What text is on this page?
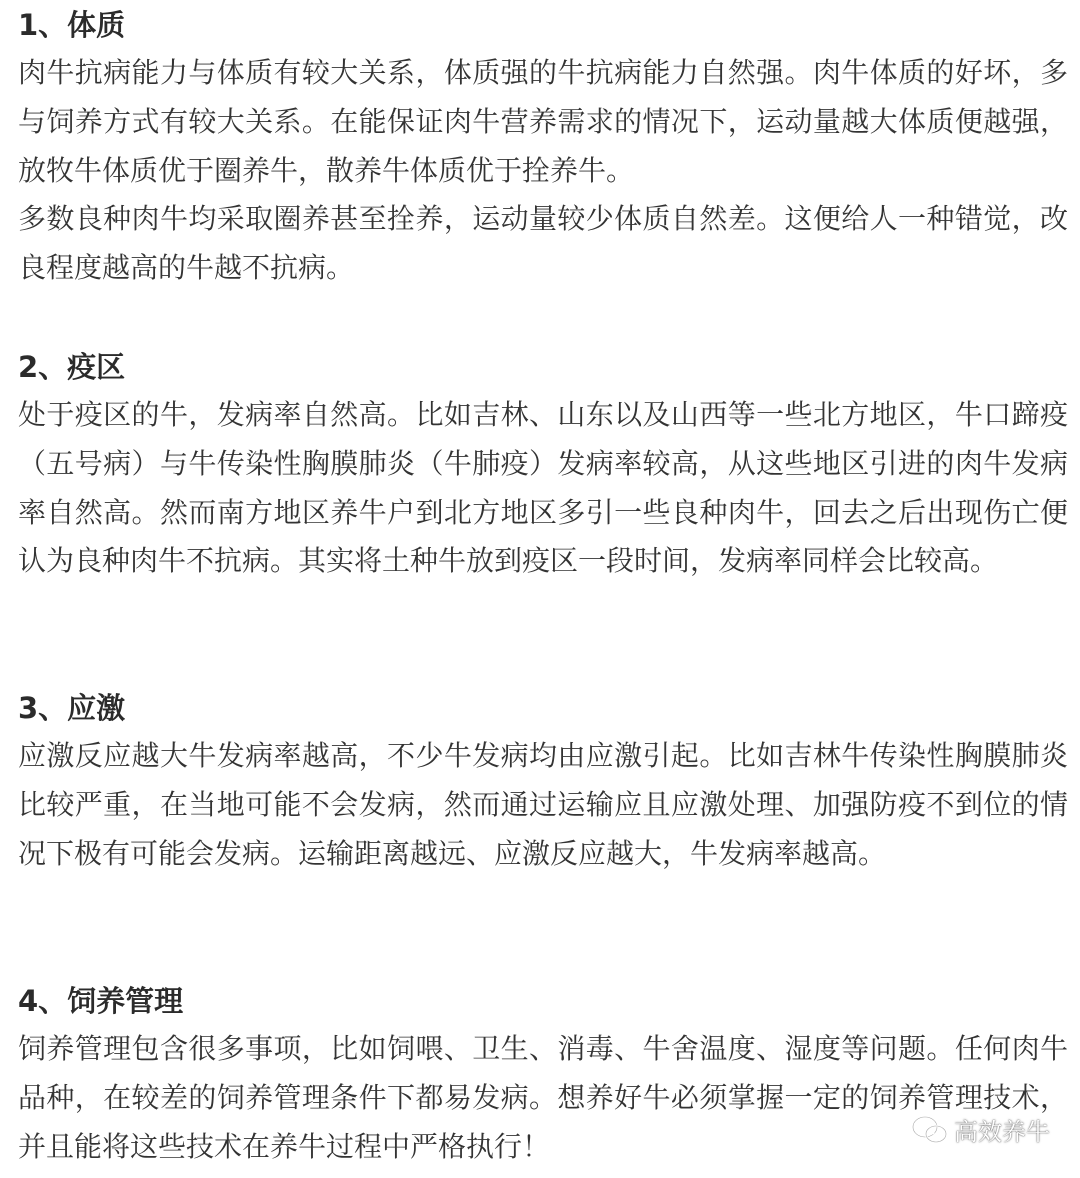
1、体质

肉牛抗病能力与体质有较大关系，体质强的牛抗病能力自然强。肉牛体质的好坏，多与饲养方式有较大关系。在能保证肉牛营养需求的情况下，运动量越大体质便越强，放牧牛体质优于圈养牛，散养牛体质优于拴养牛。

多数良种肉牛均采取圈养甚至拴养，运动量较少体质自然差。这便给人一种错觉，改良程度越高的牛越不抗病。

2、疫区

处于疫区的牛，发病率自然高。比如吉林、山东以及山西等一些北方地区，牛口蹄疫（五号病）与牛传染性胸膜肺炎（牛肺疫）发病率较高，从这些地区引进的肉牛发病率自然高。然而南方地区养牛户到北方地区多引一些良种肉牛，回去之后出现伤亡便认为良种肉牛不抗病。其实将土种牛放到疫区一段时间，发病率同样会比较高。

3、应激

应激反应越大牛发病率越高，不少牛发病均由应激引起。比如吉林牛传染性胸膜肺炎比较严重，在当地可能不会发病，然而通过运输应且应激处理、加强防疫不到位的情况下极有可能会发病。运输距离越远、应激反应越大，牛发病率越高。

4、饲养管理

饲养管理包含很多事项，比如饲喂、卫生、消毒、牛舍温度、湿度等问题。任何肉牛品种，在较差的饲养管理条件下都易发病。想养好牛必须掌握一定的饲养管理技术，并且能将这些技术在养牛过程中严格执行！	高效养牛
